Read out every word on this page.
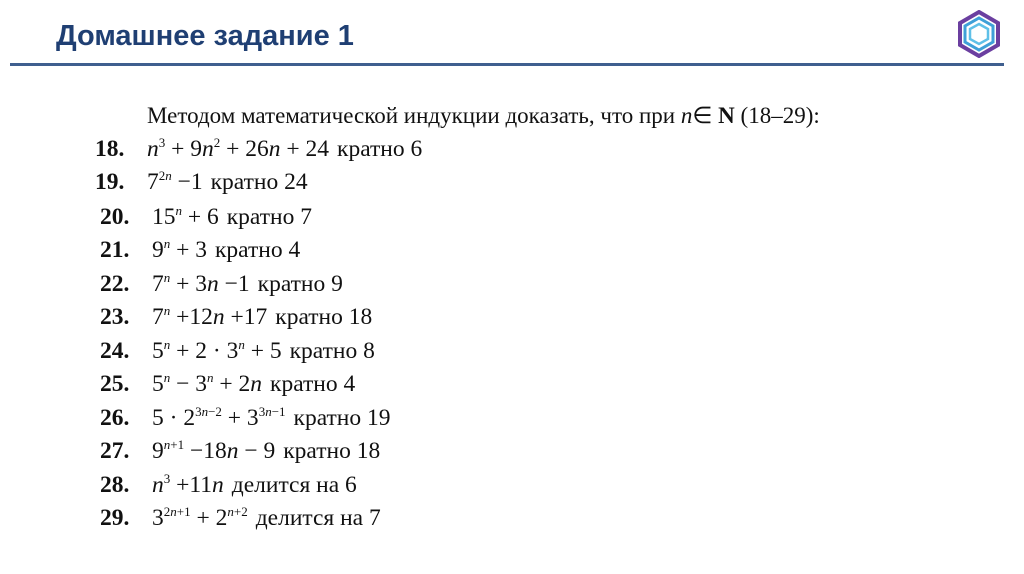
Домашнее задание 1
Методом математической индукции доказать, что при n∈ N (18–29):
18. $n^3 + 9n^2 + 26n + 24$ кратно 6
19. $7^{2n} -1$ кратно 24
20. $15^n + 6$ кратно 7
21. $9^n + 3$ кратно 4
22. $7^n + 3n -1$ кратно 9
23. $7^n +12n +17$ кратно 18
24. $5^n + 2 \cdot 3^n + 5$ кратно 8
25. $5^n - 3^n + 2n$ кратно 4
26. $5 \cdot 2^{3n-2} + 3^{3n-1}$ кратно 19
27. $9^{n+1} -18n - 9$ кратно 18
28. $n^3 +11n$ делится на 6
29. $3^{2n+1} + 2^{n+2}$ делится на 7
